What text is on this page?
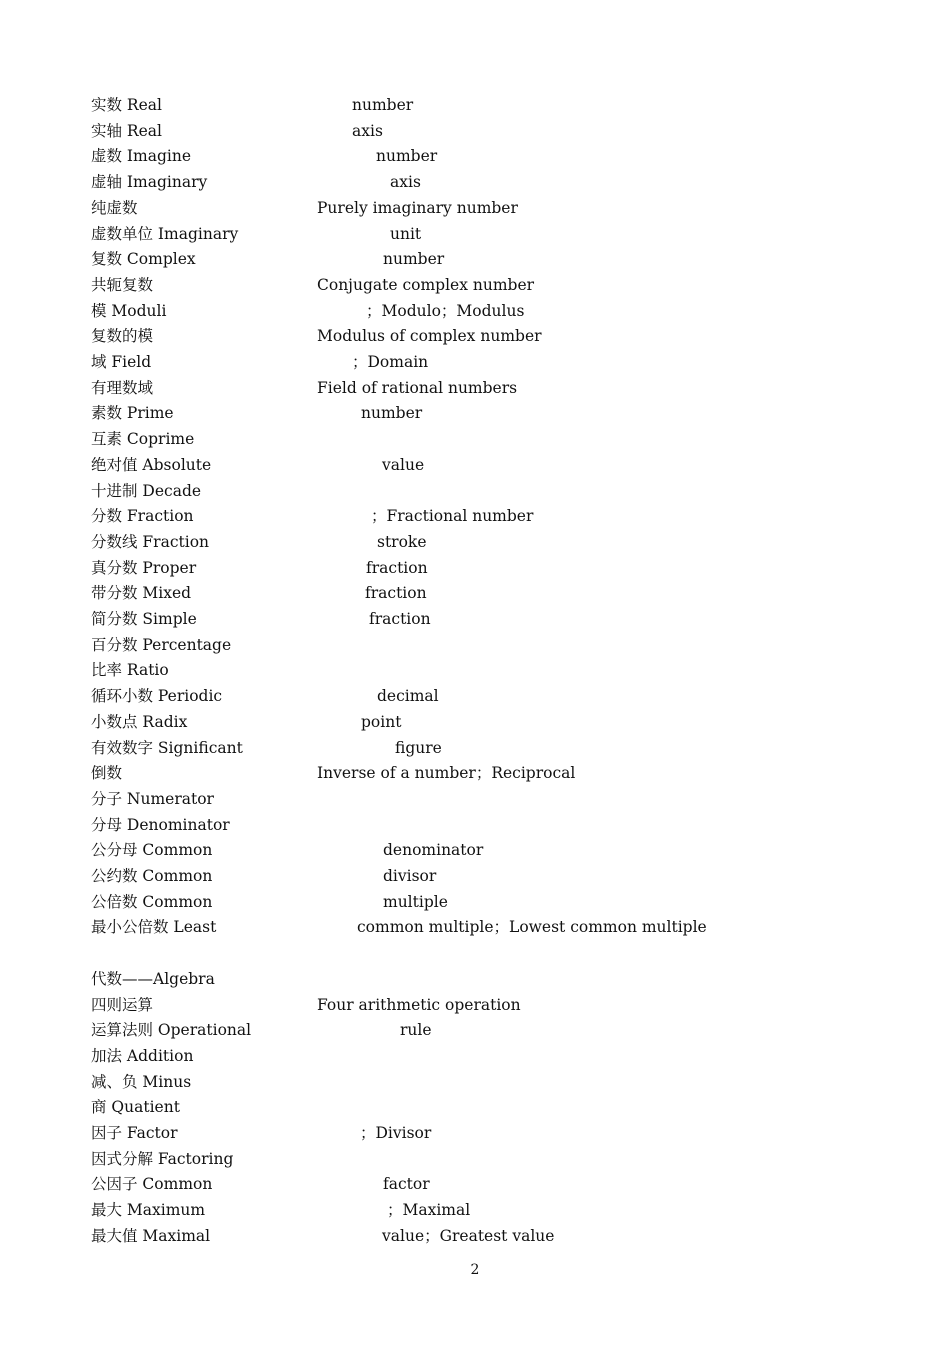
实数 Real	number
实轴 Real	axis
虚数 Imagine	number
虚轴 Imaginary	axis
纯虚数	Purely imaginary number
虚数单位 Imaginary	unit
复数 Complex	number
共轭复数	Conjugate complex number
模 Moduli	；Modulo；Modulus
复数的模	Modulus of complex number
域 Field	；Domain
有理数域	Field of rational numbers
素数 Prime	number
互素 Coprime
绝对值 Absolute	value
十进制 Decade
分数 Fraction	；Fractional number
分数线 Fraction	stroke
真分数 Proper	fraction
带分数 Mixed	fraction
简分数 Simple	fraction
百分数 Percentage
比率 Ratio
循环小数 Periodic	decimal
小数点 Radix	point
有效数字 Significant	figure
倒数	Inverse of a number；Reciprocal
分子 Numerator
分母 Denominator
公分母 Common	denominator
公约数 Common	divisor
公倍数 Common	multiple
最小公倍数 Least	common multiple；Lowest common multiple
代数——Algebra
四则运算	Four arithmetic operation
运算法则 Operational	rule
加法 Addition
减、负 Minus
商 Quatient
因子 Factor	；Divisor
因式分解 Factoring
公因子 Common	factor
最大 Maximum	；Maximal
最大值 Maximal	value；Greatest value
2
